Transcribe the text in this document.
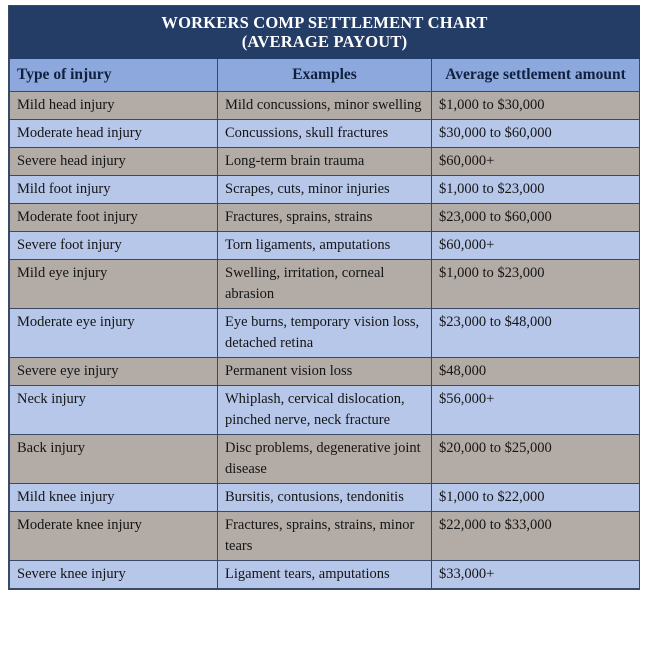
WORKERS COMP SETTLEMENT CHART
(AVERAGE PAYOUT)		

Type of injury	Examples	Average settlement amount
Mild head injury	Mild concussions, minor swelling	$1,000 to $30,000
Moderate head injury	Concussions, skull fractures	$30,000 to $60,000
Severe head injury	Long-term brain trauma	$60,000+
Mild foot injury	Scrapes, cuts, minor injuries	$1,000 to $23,000
Moderate foot injury	Fractures, sprains, strains	$23,000 to $60,000
Severe foot injury	Torn ligaments, amputations	$60,000+
Mild eye injury	Swelling, irritation, corneal abrasion	$1,000 to $23,000
Moderate eye injury	Eye burns, temporary vision loss, detached retina	$23,000 to $48,000
Severe eye injury	Permanent vision loss	$48,000
Neck injury	Whiplash, cervical dislocation, pinched nerve, neck fracture	$56,000+
Back injury	Disc problems, degenerative joint disease	$20,000 to $25,000
Mild knee injury	Bursitis, contusions, tendonitis	$1,000 to $22,000
Moderate knee injury	Fractures, sprains, strains, minor tears	$22,000 to $33,000
Severe knee injury	Ligament tears, amputations	$33,000+
